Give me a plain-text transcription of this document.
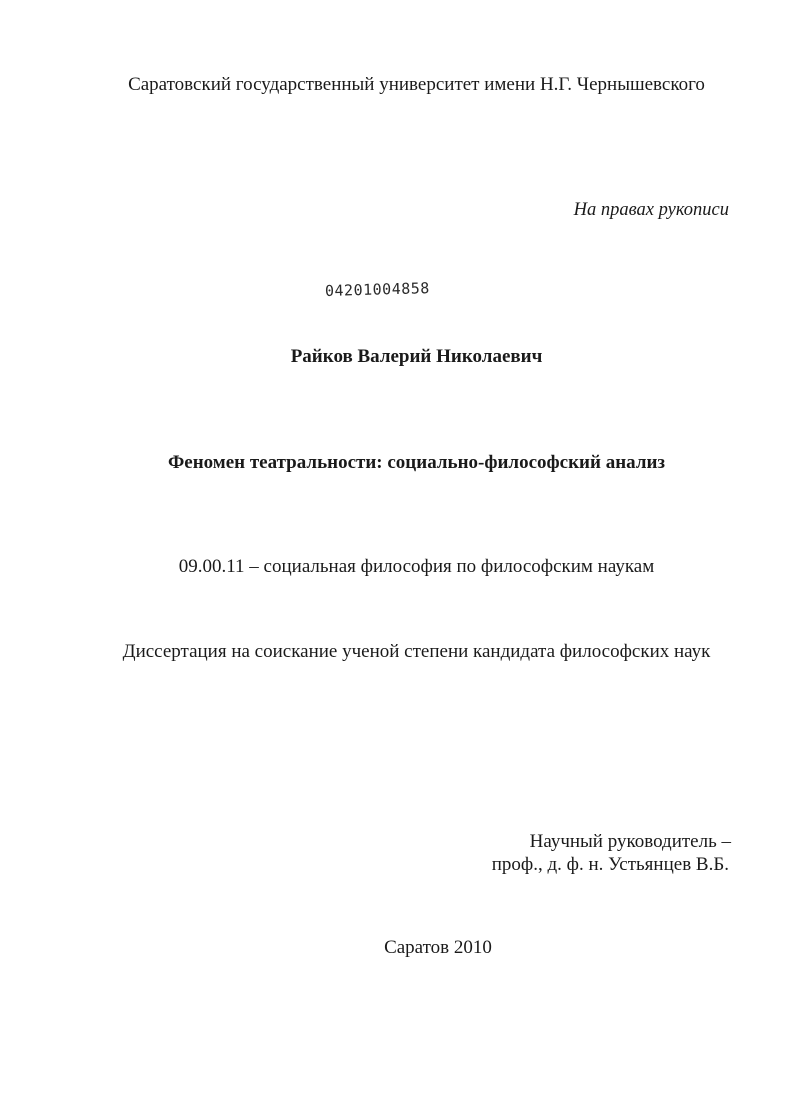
Саратовский государственный университет имени Н.Г. Чернышевского
На правах рукописи
04201004858
Райков Валерий Николаевич
Феномен театральности: социально-философский анализ
09.00.11 – социальная философия по философским наукам
Диссертация на соискание ученой степени кандидата философских наук
Научный руководитель –
проф., д. ф. н. Устьянцев В.Б.
Саратов 2010
